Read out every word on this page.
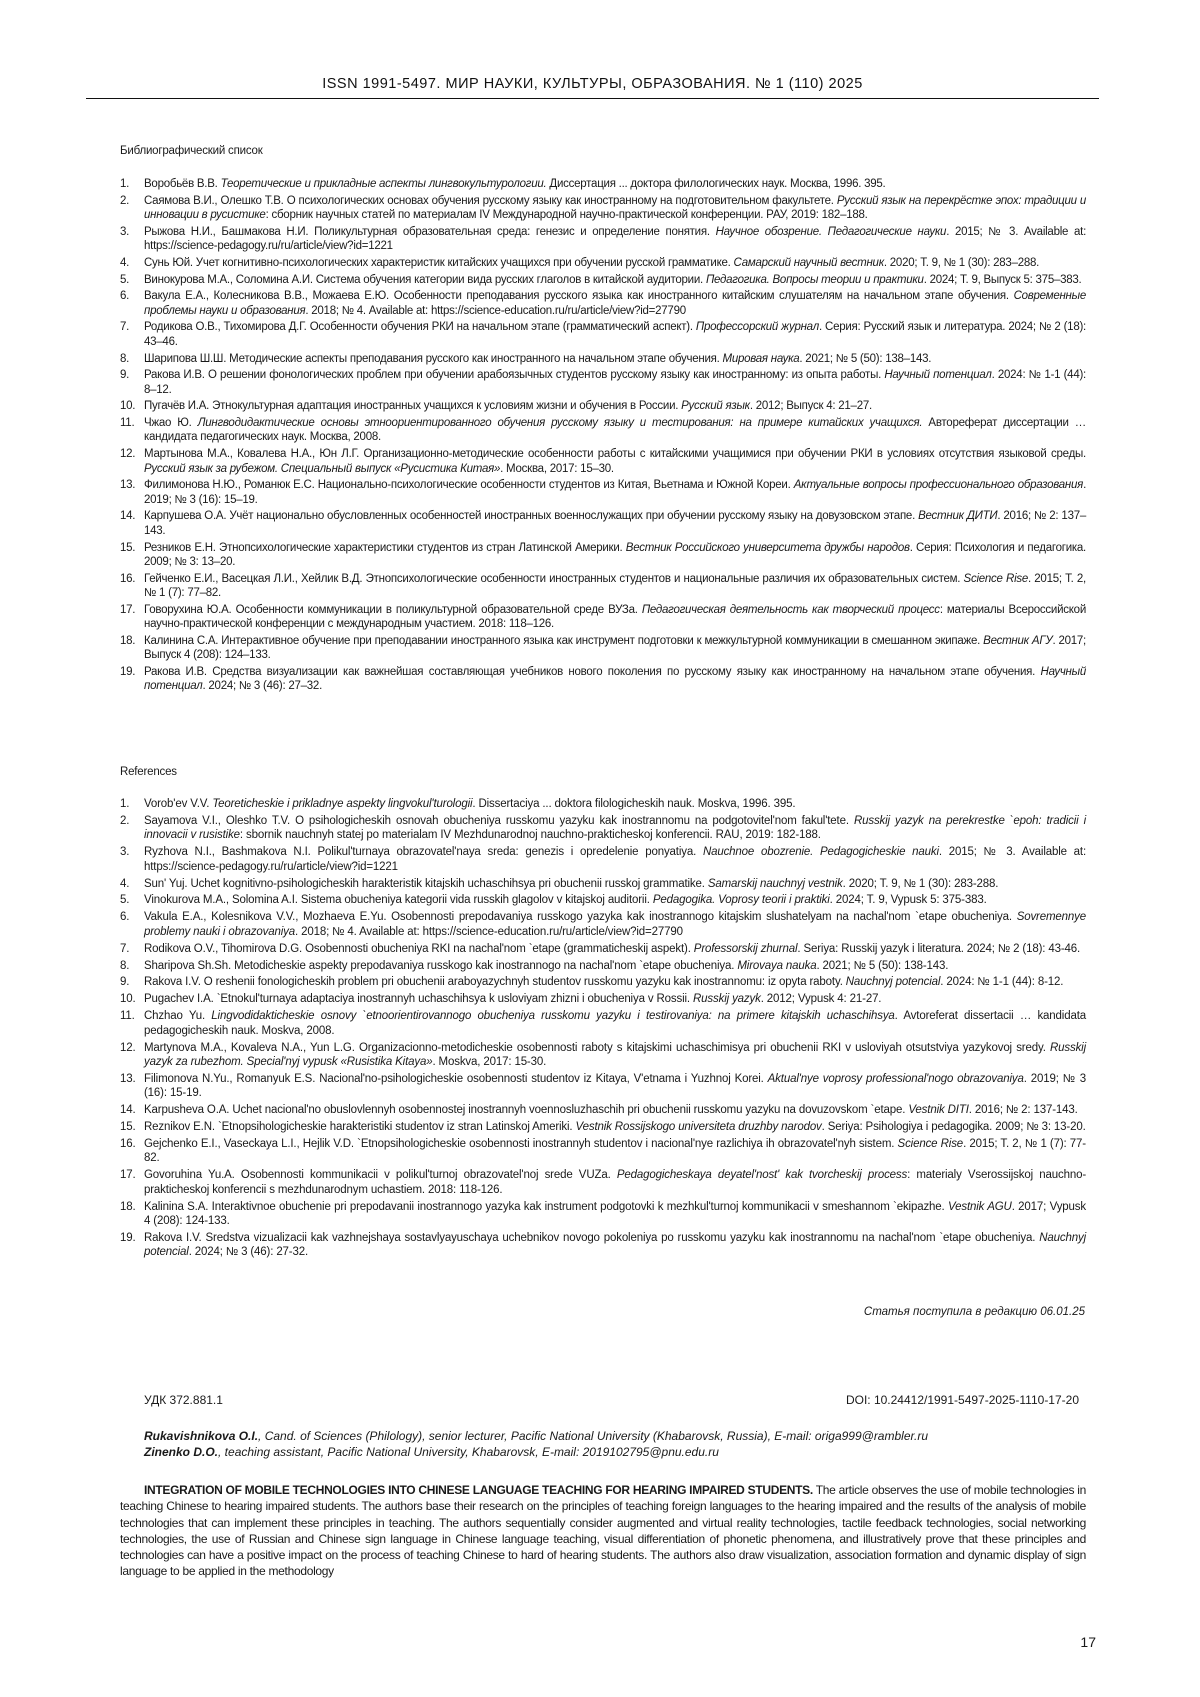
ISSN 1991-5497. МИР НАУКИ, КУЛЬТУРЫ, ОБРАЗОВАНИЯ. № 1 (110) 2025
Библиографический список
1. Воробьёв В.В. Теоретические и прикладные аспекты лингвокультурологии. Диссертация ... доктора филологических наук. Москва, 1996. 395.
2. Саямова В.И., Олешко Т.В. О психологических основах обучения русскому языку как иностранному на подготовительном факультете. Русский язык на перекрёстке эпох: традиции и инновации в русистике: сборник научных статей по материалам IV Международной научно-практической конференции. РАУ, 2019: 182–188.
3. Рыжова Н.И., Башмакова Н.И. Поликультурная образовательная среда: генезис и определение понятия. Научное обозрение. Педагогические науки. 2015; № 3. Available at: https://science-pedagogy.ru/ru/article/view?id=1221
4. Сунь Юй. Учет когнитивно-психологических характеристик китайских учащихся при обучении русской грамматике. Самарский научный вестник. 2020; Т. 9, № 1 (30): 283–288.
5. Винокурова М.А., Соломина А.И. Система обучения категории вида русских глаголов в китайской аудитории. Педагогика. Вопросы теории и практики. 2024; Т. 9, Выпуск 5: 375–383.
6. Вакула Е.А., Колесникова В.В., Можаева Е.Ю. Особенности преподавания русского языка как иностранного китайским слушателям на начальном этапе обучения. Современные проблемы науки и образования. 2018; № 4. Available at: https://science-education.ru/ru/article/view?id=27790
7. Родикова О.В., Тихомирова Д.Г. Особенности обучения РКИ на начальном этапе (грамматический аспект). Профессорский журнал. Серия: Русский язык и литература. 2024; № 2 (18): 43–46.
8. Шарипова Ш.Ш. Методические аспекты преподавания русского как иностранного на начальном этапе обучения. Мировая наука. 2021; № 5 (50): 138–143.
9. Ракова И.В. О решении фонологических проблем при обучении арабоязычных студентов русскому языку как иностранному: из опыта работы. Научный потенциал. 2024: № 1-1 (44): 8–12.
10. Пугачёв И.А. Этнокультурная адаптация иностранных учащихся к условиям жизни и обучения в России. Русский язык. 2012; Выпуск 4: 21–27.
11. Чжао Ю. Лингводидактические основы этноориентированного обучения русскому языку и тестирования: на примере китайских учащихся. Автореферат диссертации … кандидата педагогических наук. Москва, 2008.
12. Мартынова М.А., Ковалева Н.А., Юн Л.Г. Организационно-методические особенности работы с китайскими учащимися при обучении РКИ в условиях отсутствия языковой среды. Русский язык за рубежом. Специальный выпуск «Русистика Китая». Москва, 2017: 15–30.
13. Филимонова Н.Ю., Романюк Е.С. Национально-психологические особенности студентов из Китая, Вьетнама и Южной Кореи. Актуальные вопросы профессионального образования. 2019; № 3 (16): 15–19.
14. Карпушева О.А. Учёт национально обусловленных особенностей иностранных военнослужащих при обучении русскому языку на довузовском этапе. Вестник ДИТИ. 2016; № 2: 137–143.
15. Резников Е.Н. Этнопсихологические характеристики студентов из стран Латинской Америки. Вестник Российского университета дружбы народов. Серия: Психология и педагогика. 2009; № 3: 13–20.
16. Гейченко Е.И., Васецкая Л.И., Хейлик В.Д. Этнопсихологические особенности иностранных студентов и национальные различия их образовательных систем. Science Rise. 2015; Т. 2, № 1 (7): 77–82.
17. Говорухина Ю.А. Особенности коммуникации в поликультурной образовательной среде ВУЗа. Педагогическая деятельность как творческий процесс: материалы Всероссийской научно-практической конференции с международным участием. 2018: 118–126.
18. Калинина С.А. Интерактивное обучение при преподавании иностранного языка как инструмент подготовки к межкультурной коммуникации в смешанном экипаже. Вестник АГУ. 2017; Выпуск 4 (208): 124–133.
19. Ракова И.В. Средства визуализации как важнейшая составляющая учебников нового поколения по русскому языку как иностранному на начальном этапе обучения. Научный потенциал. 2024; № 3 (46): 27–32.
References
1. Vorob'ev V.V. Teoreticheskie i prikladnye aspekty lingvokul'turologii. Dissertaciya ... doktora filologicheskih nauk. Moskva, 1996. 395.
2. Sayamova V.I., Oleshko T.V. O psihologicheskih osnovah obucheniya russkomu yazyku kak inostrannomu na podgotovitel'nom fakul'tete. Russkij yazyk na perekrestke `epoh: tradicii i innovacii v rusistike: sbornik nauchnyh statej po materialam IV Mezhdunarodnoj nauchno-prakticheskoj konferencii. RAU, 2019: 182-188.
3. Ryzhova N.I., Bashmakova N.I. Polikul'turnaya obrazovatel'naya sreda: genezis i opredelenie ponyatiya. Nauchnoe obozrenie. Pedagogicheskie nauki. 2015; № 3. Available at: https://science-pedagogy.ru/ru/article/view?id=1221
4. Sun' Yuj. Uchet kognitivno-psihologicheskih harakteristik kitajskih uchaschihsya pri obuchenii russkoj grammatike. Samarskij nauchnyj vestnik. 2020; T. 9, № 1 (30): 283-288.
5. Vinokurova M.A., Solomina A.I. Sistema obucheniya kategorii vida russkih glagolov v kitajskoj auditorii. Pedagogika. Voprosy teorii i praktiki. 2024; T. 9, Vypusk 5: 375-383.
6. Vakula E.A., Kolesnikova V.V., Mozhaeva E.Yu. Osobennosti prepodavaniya russkogo yazyka kak inostrannogo kitajskim slushatelyam na nachal'nom `etape obucheniya. Sovremennye problemy nauki i obrazovaniya. 2018; № 4. Available at: https://science-education.ru/ru/article/view?id=27790
7. Rodikova O.V., Tihomirova D.G. Osobennosti obucheniya RKI na nachal'nom `etape (grammaticheskij aspekt). Professorskij zhurnal. Seriya: Russkij yazyk i literatura. 2024; № 2 (18): 43-46.
8. Sharipova Sh.Sh. Metodicheskie aspekty prepodavaniya russkogo kak inostrannogo na nachal'nom `etape obucheniya. Mirovaya nauka. 2021; № 5 (50): 138-143.
9. Rakova I.V. O reshenii fonologicheskih problem pri obuchenii araboyazychnyh studentov russkomu yazyku kak inostrannomu: iz opyta raboty. Nauchnyj potencial. 2024: № 1-1 (44): 8-12.
10. Pugachev I.A. `Etnokul'turnaya adaptaciya inostrannyh uchaschihsya k usloviyam zhizni i obucheniya v Rossii. Russkij yazyk. 2012; Vypusk 4: 21-27.
11. Chzhao Yu. Lingvodidakticheskie osnovy `etnoorientirovannogo obucheniya russkomu yazyku i testirovaniya: na primere kitajskih uchaschihsya. Avtoreferat dissertacii … kandidata pedagogicheskih nauk. Moskva, 2008.
12. Martynova M.A., Kovaleva N.A., Yun L.G. Organizacionno-metodicheskie osobennosti raboty s kitajskimi uchaschimisya pri obuchenii RKI v usloviyah otsutstviya yazykovoj sredy. Russkij yazyk za rubezhom. Special'nyj vypusk «Rusistika Kitaya». Moskva, 2017: 15-30.
13. Filimonova N.Yu., Romanyuk E.S. Nacional'no-psihologicheskie osobennosti studentov iz Kitaya, V'etnama i Yuzhnoj Korei. Aktual'nye voprosy professional'nogo obrazovaniya. 2019; № 3 (16): 15-19.
14. Karpusheva O.A. Uchet nacional'no obuslovlennyh osobennostej inostrannyh voennosluzhaschih pri obuchenii russkomu yazyku na dovuzovskom `etape. Vestnik DITI. 2016; № 2: 137-143.
15. Reznikov E.N. `Etnopsihologicheskie harakteristiki studentov iz stran Latinskoj Ameriki. Vestnik Rossijskogo universiteta druzhby narodov. Seriya: Psihologiya i pedagogika. 2009; № 3: 13-20.
16. Gejchenko E.I., Vaseckaya L.I., Hejlik V.D. `Etnopsihologicheskie osobennosti inostrannyh studentov i nacional'nye razlichiya ih obrazovatel'nyh sistem. Science Rise. 2015; T. 2, № 1 (7): 77-82.
17. Govoruhina Yu.A. Osobennosti kommunikacii v polikul'turnoj obrazovatel'noj srede VUZa. Pedagogicheskaya deyatel'nost' kak tvorcheskij process: materialy Vserossijskoj nauchno-prakticheskoj konferencii s mezhdunarodnym uchastiem. 2018: 118-126.
18. Kalinina S.A. Interaktivnoe obuchenie pri prepodavanii inostrannogo yazyka kak instrument podgotovki k mezhkul'turnoj kommunikacii v smeshannom `ekipazhe. Vestnik AGU. 2017; Vypusk 4 (208): 124-133.
19. Rakova I.V. Sredstva vizualizacii kak vazhnejshaya sostavlyayuschaya uchebnikov novogo pokoleniya po russkomu yazyku kak inostrannomu na nachal'nom `etape obucheniya. Nauchnyj potencial. 2024; № 3 (46): 27-32.
Статья поступила в редакцию 06.01.25
УДК 372.881.1	DOI: 10.24412/1991-5497-2025-1110-17-20
Rukavishnikova O.I., Cand. of Sciences (Philology), senior lecturer, Pacific National University (Khabarovsk, Russia), E-mail: origa999@rambler.ru
Zinenko D.O., teaching assistant, Pacific National University, Khabarovsk, E-mail: 2019102795@pnu.edu.ru
INTEGRATION OF MOBILE TECHNOLOGIES INTO CHINESE LANGUAGE TEACHING FOR HEARING IMPAIRED STUDENTS. The article observes the use of mobile technologies in teaching Chinese to hearing impaired students. The authors base their research on the principles of teaching foreign languages to the hearing impaired and the results of the analysis of mobile technologies that can implement these principles in teaching. The authors sequentially consider augmented and virtual reality technologies, tactile feedback technologies, social networking technologies, the use of Russian and Chinese sign language in Chinese language teaching, visual differentiation of phonetic phenomena, and illustratively prove that these principles and technologies can have a positive impact on the process of teaching Chinese to hard of hearing students. The authors also draw visualization, association formation and dynamic display of sign language to be applied in the methodology
17
